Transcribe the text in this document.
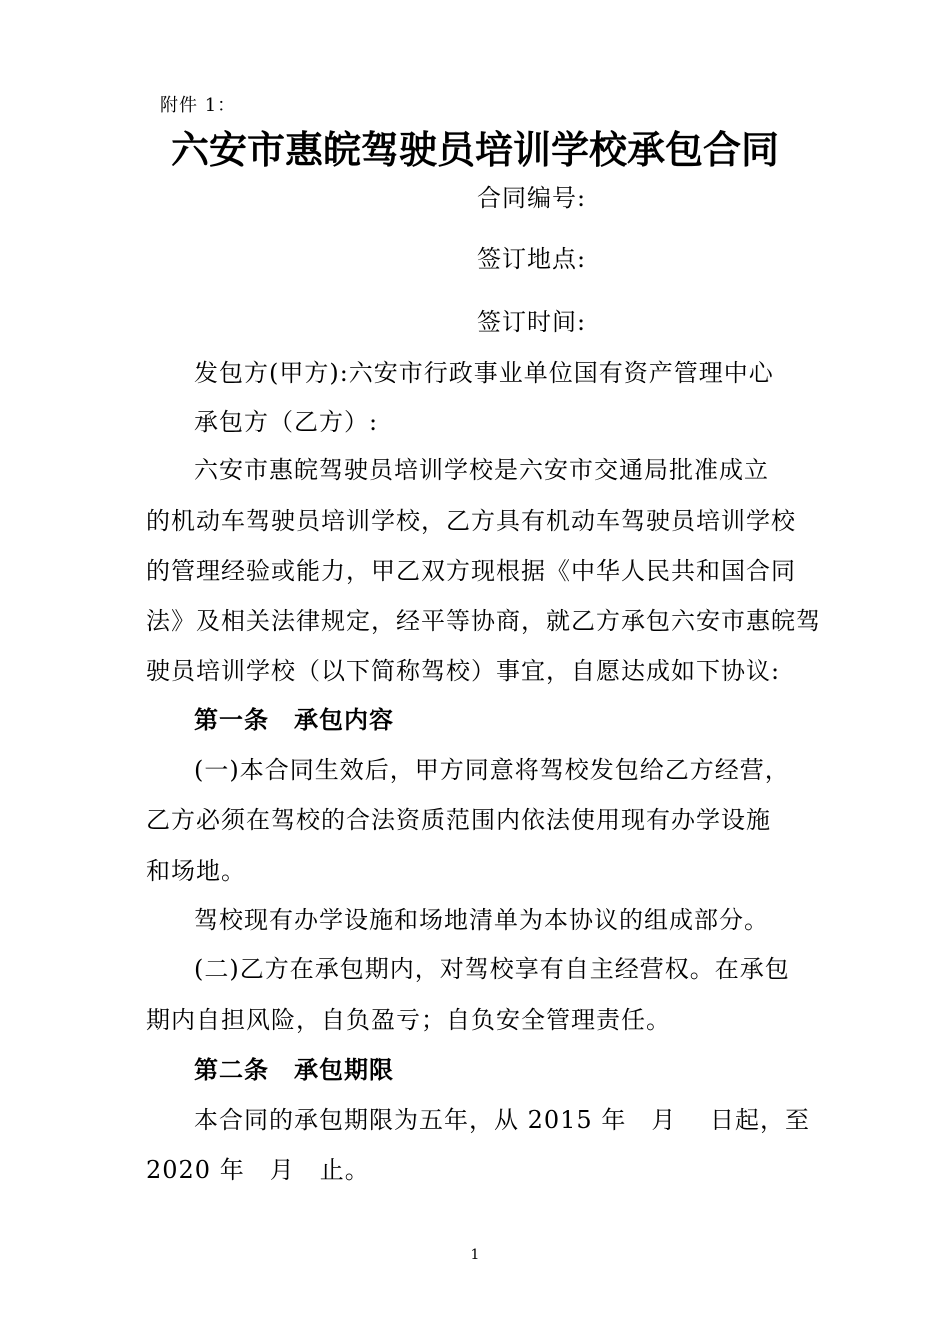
附件 1：
六安市惠皖驾驶员培训学校承包合同
合同编号:
签订地点:
签订时间:
发包方(甲方):六安市行政事业单位国有资产管理中心
承包方（乙方）:
六安市惠皖驾驶员培训学校是六安市交通局批准成立
的机动车驾驶员培训学校，乙方具有机动车驾驶员培训学校
的管理经验或能力，甲乙双方现根据《中华人民共和国合同
法》及相关法律规定，经平等协商，就乙方承包六安市惠皖驾
驶员培训学校（以下简称驾校）事宜，自愿达成如下协议:
第一条　承包内容
(一)本合同生效后，甲方同意将驾校发包给乙方经营，
乙方必须在驾校的合法资质范围内依法使用现有办学设施
和场地。
驾校现有办学设施和场地清单为本协议的组成部分。
(二)乙方在承包期内，对驾校享有自主经营权。在承包
期内自担风险，自负盈亏；自负安全管理责任。
第二条　承包期限
本合同的承包期限为五年，从 2015 年　月　 日起，至
2020 年　月　止。
1
